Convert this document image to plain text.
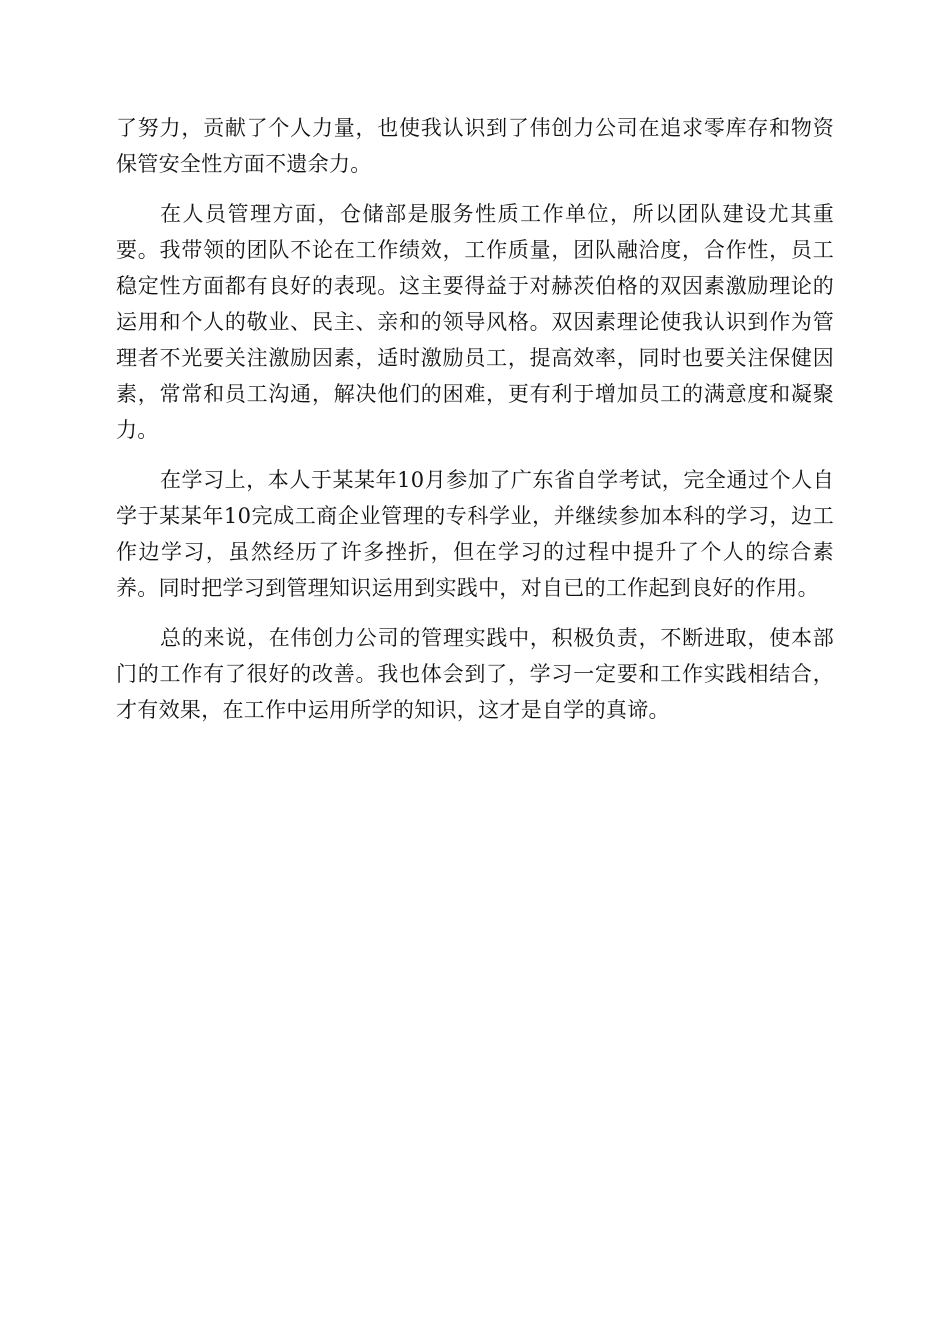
了努力，贡献了个人力量，也使我认识到了伟创力公司在追求零库存和物资保管安全性方面不遗余力。

在人员管理方面，仓储部是服务性质工作单位，所以团队建设尤其重要。我带领的团队不论在工作绩效，工作质量，团队融洽度，合作性，员工稳定性方面都有良好的表现。这主要得益于对赫茨伯格的双因素激励理论的运用和个人的敬业、民主、亲和的领导风格。双因素理论使我认识到作为管理者不光要关注激励因素，适时激励员工，提高效率，同时也要关注保健因素，常常和员工沟通，解决他们的困难，更有利于增加员工的满意度和凝聚力。

在学习上，本人于某某年10月参加了广东省自学考试，完全通过个人自学于某某年10完成工商企业管理的专科学业，并继续参加本科的学习，边工作边学习，虽然经历了许多挫折，但在学习的过程中提升了个人的综合素养。同时把学习到管理知识运用到实践中，对自已的工作起到良好的作用。

总的来说，在伟创力公司的管理实践中，积极负责，不断进取，使本部门的工作有了很好的改善。我也体会到了，学习一定要和工作实践相结合，才有效果，在工作中运用所学的知识，这才是自学的真谛。
